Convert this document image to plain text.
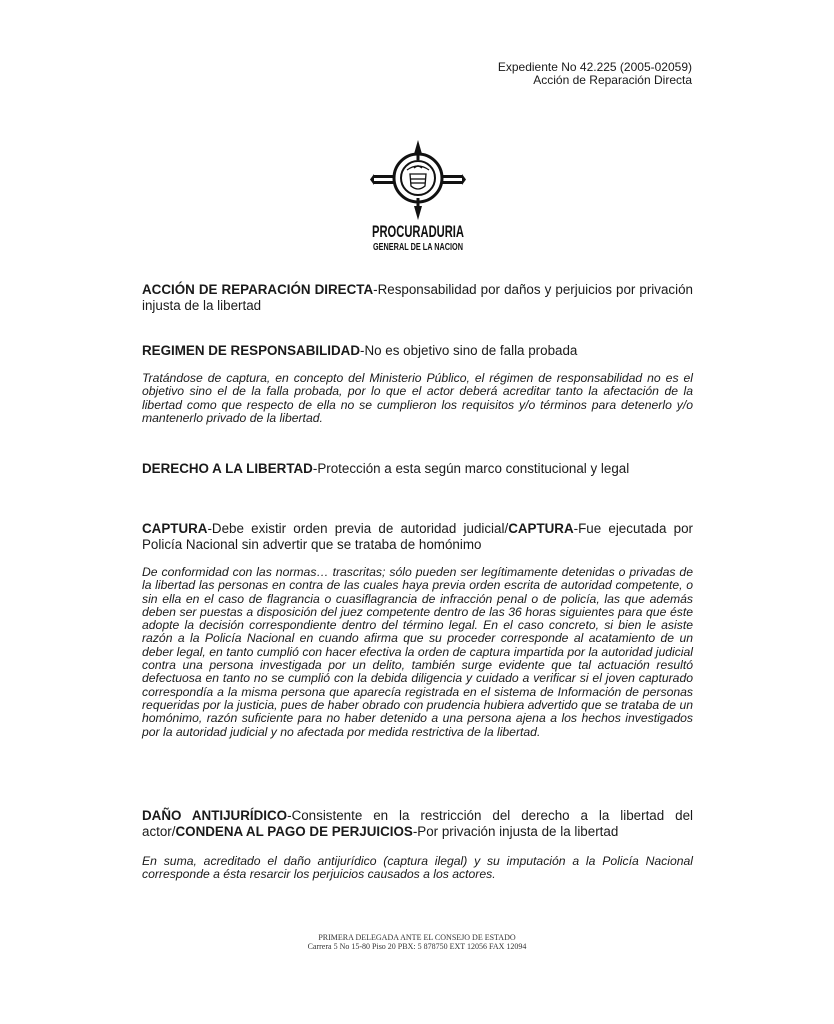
Expediente No 42.225 (2005-02059)
Acción de Reparación Directa
PROCURADURIA
GENERAL DE LA NACION

ACCIÓN DE REPARACIÓN DIRECTA-Responsabilidad por daños y perjuicios por privación injusta de la libertad

REGIMEN DE RESPONSABILIDAD-No es objetivo sino de falla probada

Tratándose de captura, en concepto del Ministerio Público, el régimen de responsabilidad no es el objetivo sino el de la falla probada, por lo que el actor deberá acreditar tanto la afectación de la libertad como que respecto de ella no se cumplieron los requisitos y/o términos para detenerlo y/o mantenerlo privado de la libertad.

DERECHO A LA LIBERTAD-Protección a esta según marco constitucional y legal

CAPTURA-Debe existir orden previa de autoridad judicial/CAPTURA-Fue ejecutada por Policía Nacional sin advertir que se trataba de homónimo

De conformidad con las normas… trascritas; sólo pueden ser legítimamente detenidas o privadas de la libertad las personas en contra de las cuales haya previa orden escrita de autoridad competente, o sin ella en el caso de flagrancia o cuasiflagrancia de infracción penal o de policía, las que además deben ser puestas a disposición del juez competente dentro de las 36 horas siguientes para que éste adopte la decisión correspondiente dentro del término legal. En el caso concreto, si bien le asiste razón a la Policía Nacional en cuando afirma que su proceder corresponde al acatamiento de un deber legal, en tanto cumplió con hacer efectiva la orden de captura impartida por la autoridad judicial contra una persona investigada por un delito, también surge evidente que tal actuación resultó defectuosa en tanto no se cumplió con la debida diligencia y cuidado a verificar si el joven capturado correspondía a la misma persona que aparecía registrada en el sistema de Información de personas requeridas por la justicia, pues de haber obrado con prudencia hubiera advertido que se trataba de un homónimo, razón suficiente para no haber detenido a una persona ajena a los hechos investigados por la autoridad judicial y no afectada por medida restrictiva de la libertad.

DAÑO ANTIJURÍDICO-Consistente en la restricción del derecho a la libertad del actor/CONDENA AL PAGO DE PERJUICIOS-Por privación injusta de la libertad

En suma, acreditado el daño antijurídico (captura ilegal) y su imputación a la Policía Nacional corresponde a ésta resarcir los perjuicios causados a los actores.

PRIMERA DELEGADA ANTE EL CONSEJO DE ESTADO
Carrera 5 No 15-80 Piso 20 PBX: 5 878750 EXT 12056 FAX 12094
